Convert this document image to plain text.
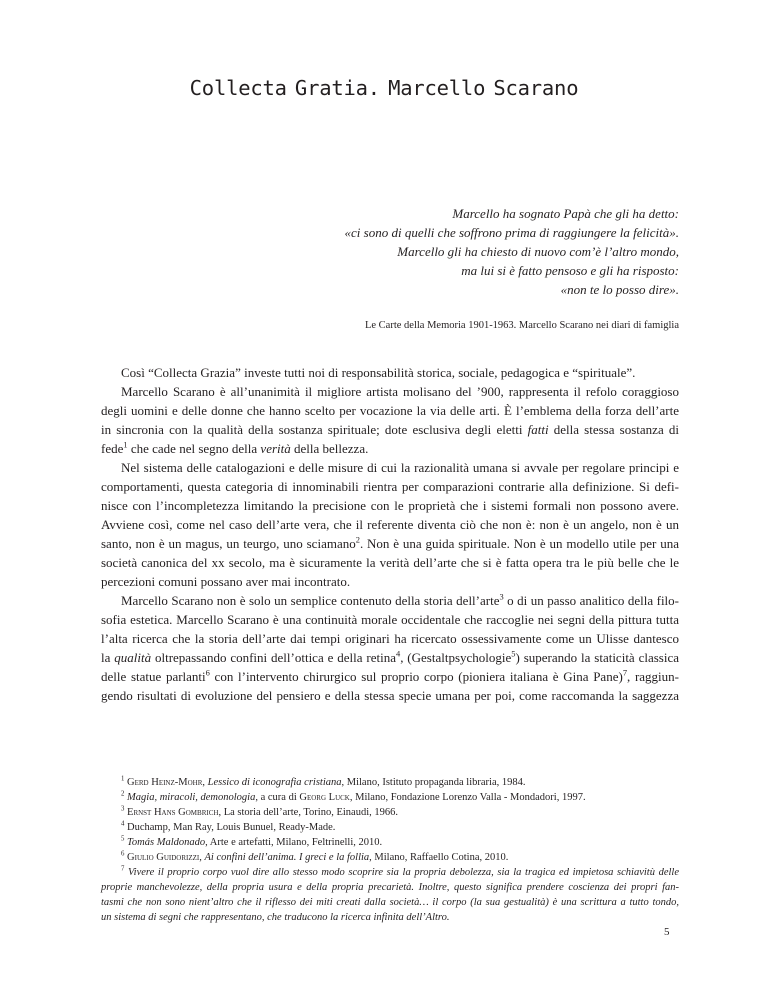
Collecta Gratia. Marcello Scarano
Marcello ha sognato Papà che gli ha detto:
«ci sono di quelli che soffrono prima di raggiungere la felicità».
Marcello gli ha chiesto di nuovo com’è l’altro mondo,
ma lui si è fatto pensoso e gli ha risposto:
«non te lo posso dire».
Le Carte della Memoria 1901-1963. Marcello Scarano nei diari di famiglia
Così “Collecta Grazia” investe tutti noi di responsabilità storica, sociale, pedagogica e “spirituale”.
Marcello Scarano è all’unanimità il migliore artista molisano del ’900, rappresenta il refolo coraggioso
degli uomini e delle donne che hanno scelto per vocazione la via delle arti. È l’emblema della forza dell’arte
in sincronia con la qualità della sostanza spirituale; dote esclusiva degli eletti fatti della stessa sostanza di
fede$^1$ che cade nel segno della verità della bellezza.
Nel sistema delle catalogazioni e delle misure di cui la razionalità umana si avvale per regolare principi e
comportamenti, questa categoria di innominabili rientra per comparazioni contrarie alla definizione. Si defi-
nisce con l’incompletezza limitando la precisione con le proprietà che i sistemi formali non possono avere.
Avviene così, come nel caso dell’arte vera, che il referente diventa ciò che non è: non è un angelo, non è un
santo, non è un magus, un teurgo, uno sciamano$^2$. Non è una guida spirituale. Non è un modello utile per una
società canonica del xx secolo, ma è sicuramente la verità dell’arte che si è fatta opera tra le più belle che le
percezioni comuni possano aver mai incontrato.
Marcello Scarano non è solo un semplice contenuto della storia dell’arte$^3$ o di un passo analitico della filo-
sofia estetica. Marcello Scarano è una continuità morale occidentale che raccoglie nei segni della pittura tutta
l’alta ricerca che la storia dell’arte dai tempi originari ha ricercato ossessivamente come un Ulisse dantesco
la qualità oltrepassando confini dell’ottica e della retina$^4$, (Gestaltpsychologie$^5$) superando la staticità classica
delle statue parlanti$^6$ con l’intervento chirurgico sul proprio corpo (pioniera italiana è Gina Pane)$^7$, raggiun-
gendo risultati di evoluzione del pensiero e della stessa specie umana per poi, come raccomanda la saggezza
$^1$ Gerd Heinz-Mohr, Lessico di iconografia cristiana, Milano, Istituto propaganda libraria, 1984.
$^2$ Magia, miracoli, demonologia, a cura di Georg Luck, Milano, Fondazione Lorenzo Valla - Mondadori, 1997.
$^3$ Ernst Hans Gombrich, La storia dell’arte, Torino, Einaudi, 1966.
$^4$ Duchamp, Man Ray, Louis Bunuel, Ready-Made.
$^5$ Tomás Maldonado, Arte e artefatti, Milano, Feltrinelli, 2010.
$^6$ Giulio Guidorizzi, Ai confini dell’anima. I greci e la follia, Milano, Raffaello Cotina, 2010.
$^7$ Vivere il proprio corpo vuol dire allo stesso modo scoprire sia la propria debolezza, sia la tragica ed impietosa schiavitù delle
proprie manchevolezze, della propria usura e della propria precarietà. Inoltre, questo significa prendere coscienza dei propri fan-
tasmi che non sono nient’altro che il riflesso dei miti creati dalla società… il corpo (la sua gestualità) è una scrittura a tutto tondo,
un sistema di segni che rappresentano, che traducono la ricerca infinita dell’Altro.
5
